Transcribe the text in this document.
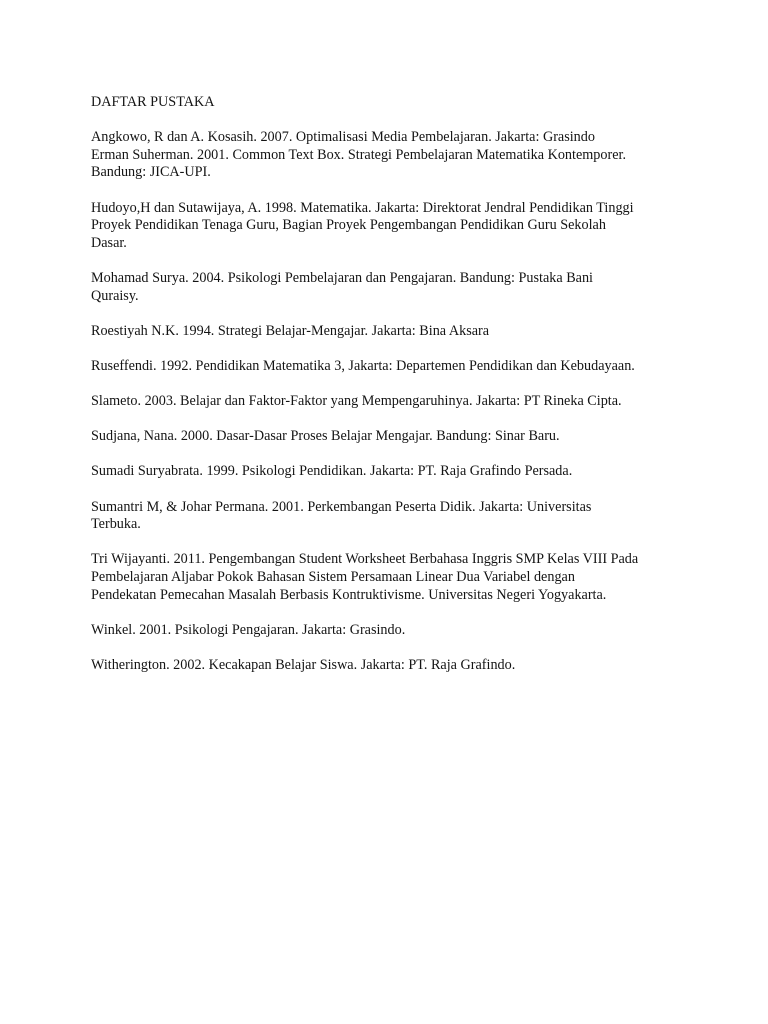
DAFTAR PUSTAKA
Angkowo, R dan A. Kosasih. 2007. Optimalisasi Media Pembelajaran. Jakarta: Grasindo
Erman Suherman. 2001. Common Text Box. Strategi Pembelajaran Matematika Kontemporer.
Bandung: JICA-UPI.
Hudoyo,H dan Sutawijaya, A. 1998. Matematika. Jakarta: Direktorat Jendral Pendidikan Tinggi
Proyek Pendidikan Tenaga Guru, Bagian Proyek Pengembangan Pendidikan Guru Sekolah
Dasar.
Mohamad Surya. 2004. Psikologi Pembelajaran dan Pengajaran. Bandung: Pustaka Bani
Quraisy.
Roestiyah N.K. 1994. Strategi Belajar-Mengajar. Jakarta: Bina Aksara
Ruseffendi. 1992. Pendidikan Matematika 3, Jakarta: Departemen Pendidikan dan Kebudayaan.
Slameto. 2003. Belajar dan Faktor-Faktor yang Mempengaruhinya. Jakarta: PT Rineka Cipta.
Sudjana, Nana. 2000. Dasar-Dasar Proses Belajar Mengajar. Bandung: Sinar Baru.
Sumadi Suryabrata. 1999. Psikologi Pendidikan. Jakarta: PT. Raja Grafindo Persada.
Sumantri M, & Johar Permana. 2001. Perkembangan Peserta Didik. Jakarta: Universitas
Terbuka.
Tri Wijayanti. 2011. Pengembangan Student Worksheet Berbahasa Inggris SMP Kelas VIII Pada
Pembelajaran Aljabar Pokok Bahasan Sistem Persamaan Linear Dua Variabel dengan
Pendekatan Pemecahan Masalah Berbasis Kontruktivisme. Universitas Negeri Yogyakarta.
Winkel. 2001. Psikologi Pengajaran. Jakarta: Grasindo.
Witherington. 2002. Kecakapan Belajar Siswa. Jakarta: PT. Raja Grafindo.
